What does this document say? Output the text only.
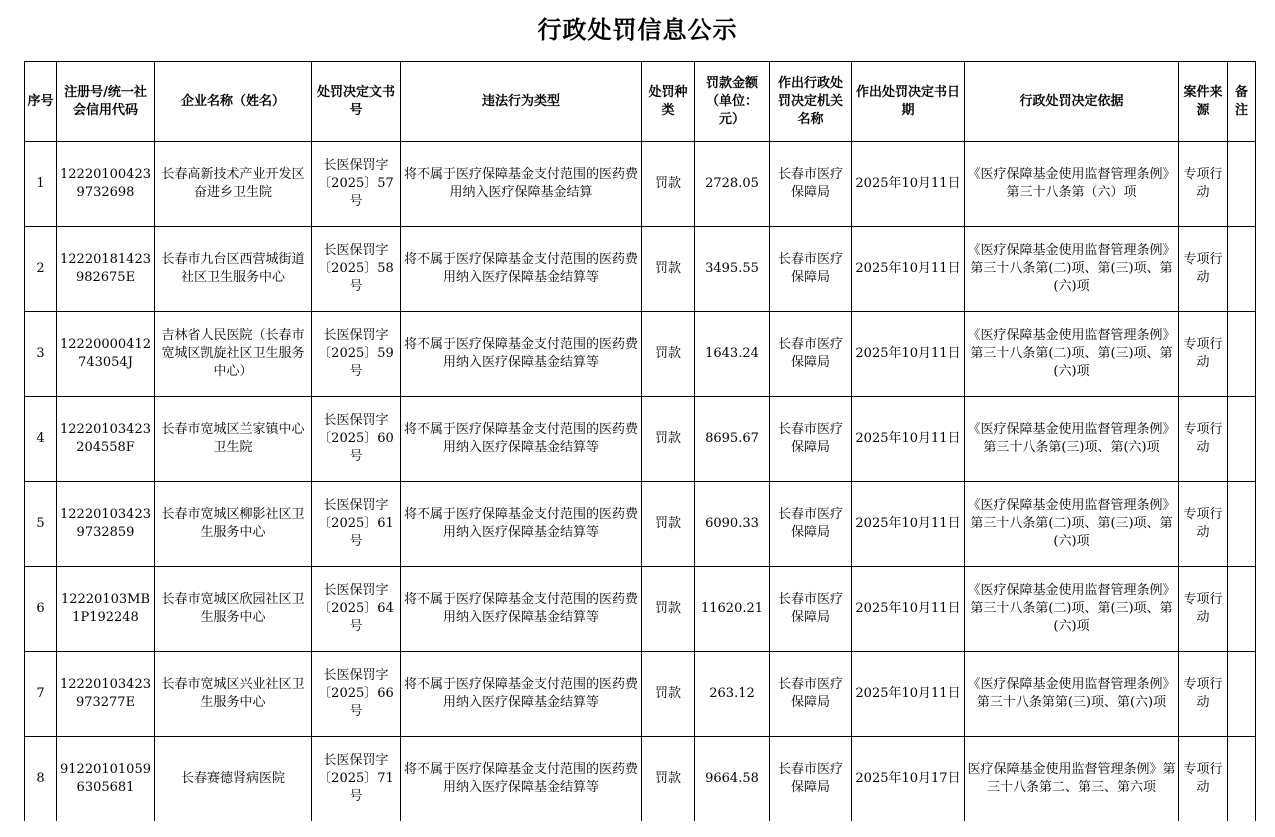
行政处罚信息公示
序号	注册号/统一社会信用代码	企业名称（姓名）	处罚决定文书号	违法行为类型	处罚种类	罚款金额（单位：元）	作出行政处罚决定机关名称	作出处罚决定书日期	行政处罚决定依据	案件来源	备注
1	122201004239732698	长春高新技术产业开发区奋进乡卫生院	长医保罚字〔2025〕57号	将不属于医疗保障基金支付范围的医药费用纳入医疗保障基金结算	罚款	2728.05	长春市医疗保障局	2025年10月11日	《医疗保障基金使用监督管理条例》第三十八条第（六）项	专项行动	
2	12220181423982675E	长春市九台区西营城街道社区卫生服务中心	长医保罚字〔2025〕58号	将不属于医疗保障基金支付范围的医药费用纳入医疗保障基金结算等	罚款	3495.55	长春市医疗保障局	2025年10月11日	《医疗保障基金使用监督管理条例》第三十八条第(二)项、第(三)项、第(六)项	专项行动	
3	12220000412743054J	吉林省人民医院（长春市宽城区凯旋社区卫生服务中心）	长医保罚字〔2025〕59号	将不属于医疗保障基金支付范围的医药费用纳入医疗保障基金结算等	罚款	1643.24	长春市医疗保障局	2025年10月11日	《医疗保障基金使用监督管理条例》第三十八条第(二)项、第(三)项、第(六)项	专项行动	
4	12220103423204558F	长春市宽城区兰家镇中心卫生院	长医保罚字〔2025〕60号	将不属于医疗保障基金支付范围的医药费用纳入医疗保障基金结算等	罚款	8695.67	长春市医疗保障局	2025年10月11日	《医疗保障基金使用监督管理条例》第三十八条第(三)项、第(六)项	专项行动	
5	122201034239732859	长春市宽城区柳影社区卫生服务中心	长医保罚字〔2025〕61号	将不属于医疗保障基金支付范围的医药费用纳入医疗保障基金结算等	罚款	6090.33	长春市医疗保障局	2025年10月11日	《医疗保障基金使用监督管理条例》第三十八条第(二)项、第(三)项、第(六)项	专项行动	
6	12220103MB1P192248	长春市宽城区欣园社区卫生服务中心	长医保罚字〔2025〕64号	将不属于医疗保障基金支付范围的医药费用纳入医疗保障基金结算等	罚款	11620.21	长春市医疗保障局	2025年10月11日	《医疗保障基金使用监督管理条例》第三十八条第(二)项、第(三)项、第(六)项	专项行动	
7	12220103423973277E	长春市宽城区兴业社区卫生服务中心	长医保罚字〔2025〕66号	将不属于医疗保障基金支付范围的医药费用纳入医疗保障基金结算等	罚款	263.12	长春市医疗保障局	2025年10月11日	《医疗保障基金使用监督管理条例》第三十八条第第(三)项、第(六)项	专项行动	
8	912201010596305681	长春赛德肾病医院	长医保罚字〔2025〕71号	将不属于医疗保障基金支付范围的医药费用纳入医疗保障基金结算等	罚款	9664.58	长春市医疗保障局	2025年10月17日	医疗保障基金使用监督管理条例》第三十八条第二、第三、第六项	专项行动	
